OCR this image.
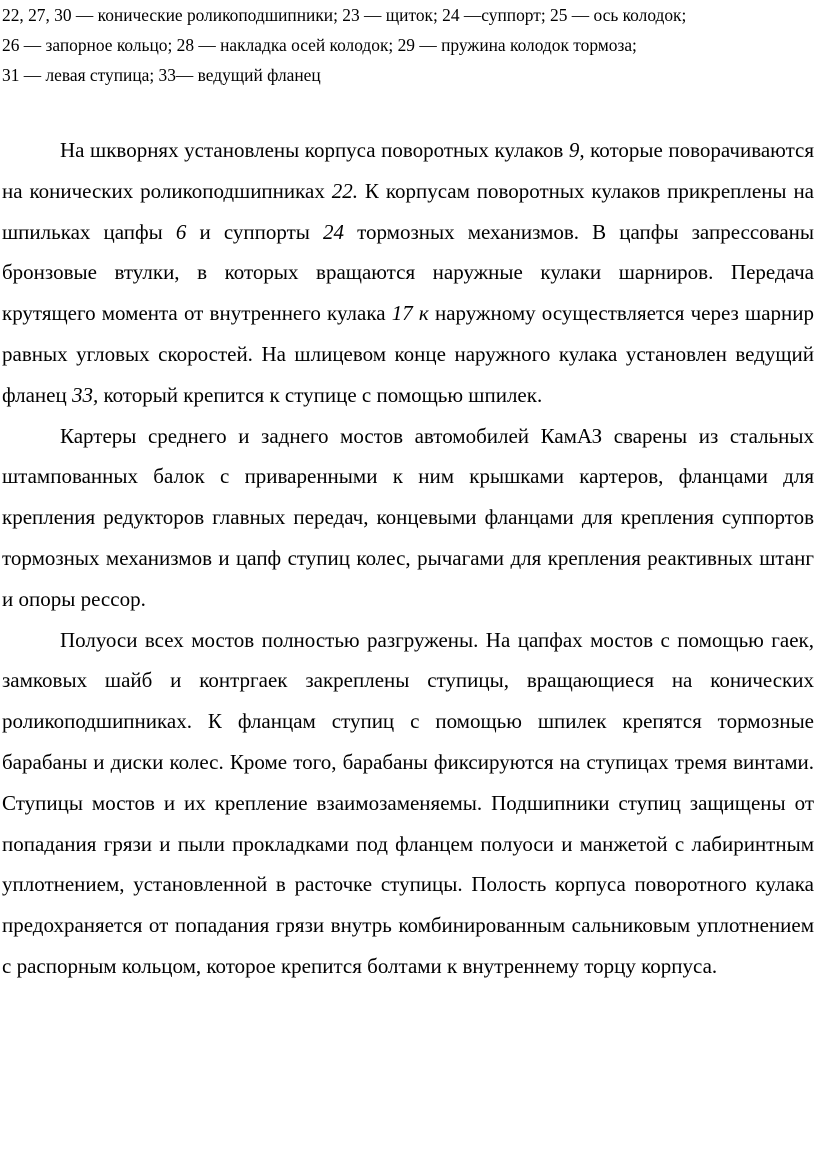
22, 27, 30 — конические роликоподшипники; 23 — щиток; 24 —суппорт; 25 — ось колодок;
26 — запорное кольцо; 28 — накладка осей колодок; 29 — пружина колодок тормоза;
31 — левая ступица; 33— ведущий фланец

На шкворнях установлены корпуса поворотных кулаков 9, которые поворачиваются на конических роликоподшипниках 22. К корпусам поворотных кулаков прикреплены на шпильках цапфы 6 и суппорты 24 тормозных механизмов. В цапфы запрессованы бронзовые втулки, в которых вращаются наружные кулаки шарниров. Передача крутящего момента от внутреннего кулака 17 к наружному осуществляется через шарнир равных угловых скоростей. На шлицевом конце наружного кулака установлен ведущий фланец 33, который крепится к ступице с помощью шпилек.

Картеры среднего и заднего мостов автомобилей КамАЗ сварены из стальных штампованных балок с приваренными к ним крышками картеров, фланцами для крепления редукторов главных передач, концевыми фланцами для крепления суппортов тормозных механизмов и цапф ступиц колес, рычагами для крепления реактивных штанг и опоры рессор.

Полуоси всех мостов полностью разгружены. На цапфах мостов с помощью гаек, замковых шайб и контргаек закреплены ступицы, вращающиеся на конических роликоподшипниках. К фланцам ступиц с помощью шпилек крепятся тормозные барабаны и диски колес. Кроме того, барабаны фиксируются на ступицах тремя винтами. Ступицы мостов и их крепление взаимозаменяемы. Подшипники ступиц защищены от попадания грязи и пыли прокладками под фланцем полуоси и манжетой с лабиринтным уплотнением, установленной в расточке ступицы. Полость корпуса поворотного кулака предохраняется от попадания грязи внутрь комбинированным сальниковым уплотнением с распорным кольцом, которое крепится болтами к внутреннему торцу корпуса.
